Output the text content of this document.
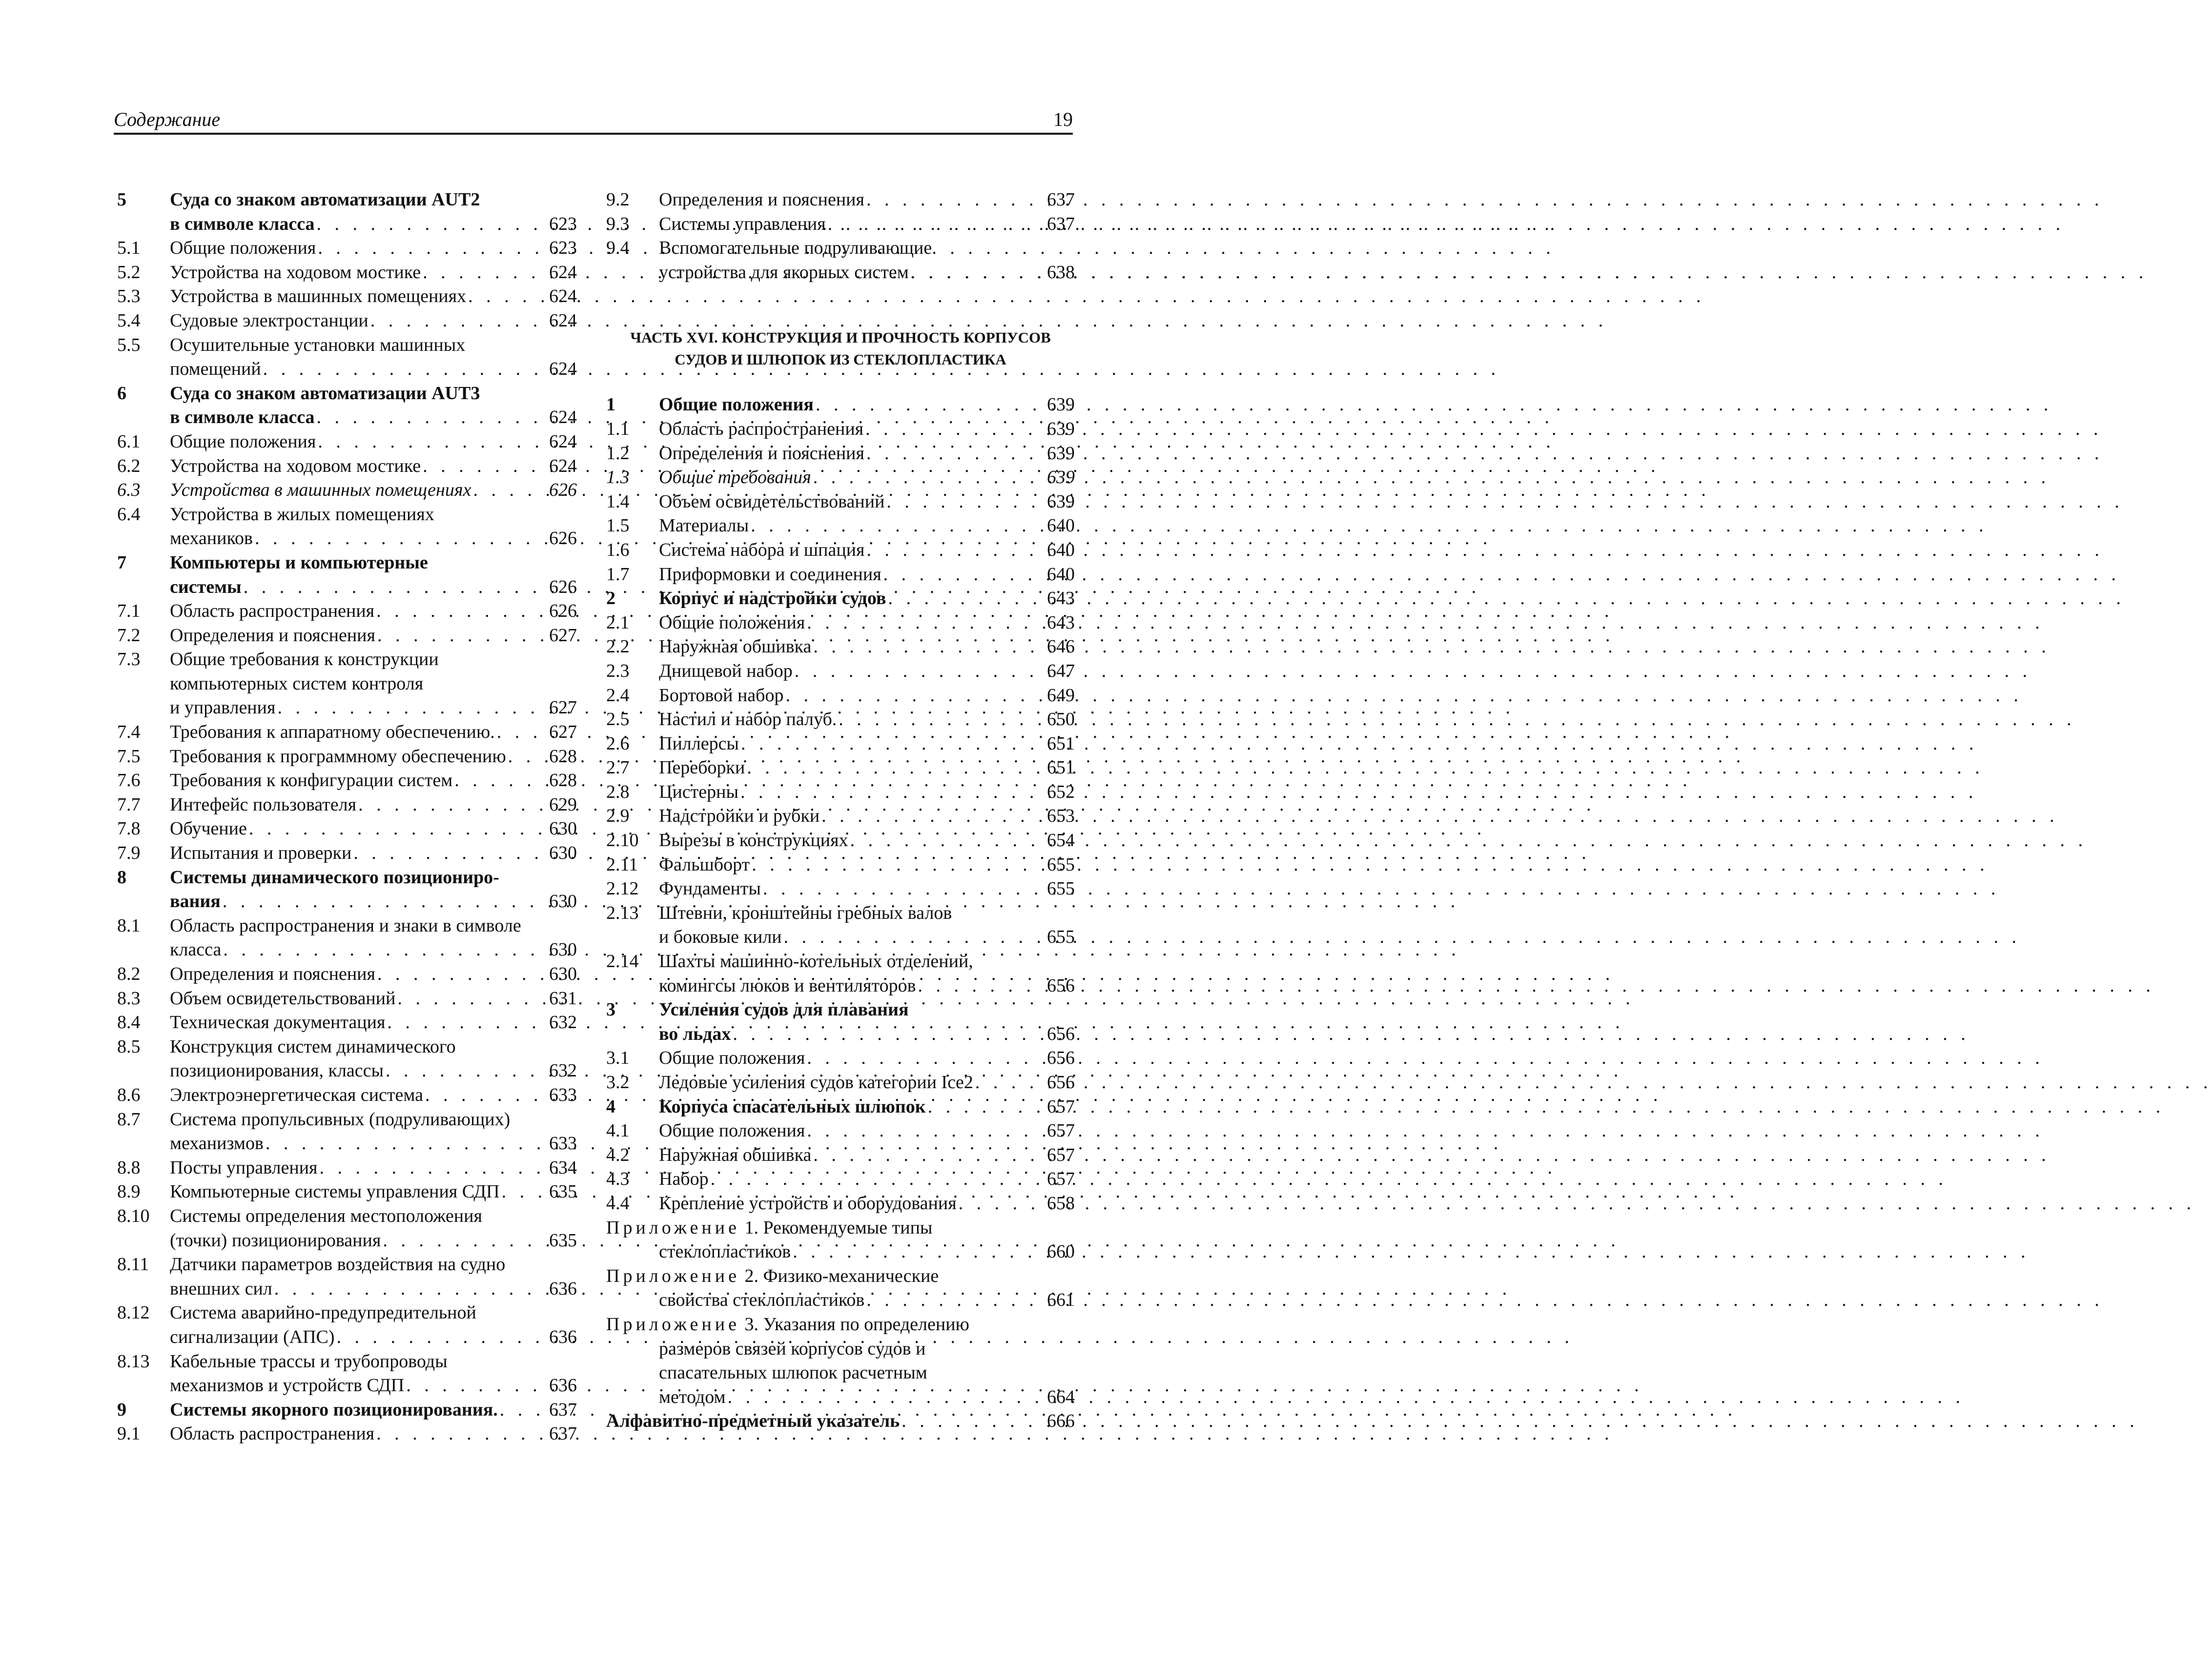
Содержание	19
5 Суда со знаком автоматизации AUT2
в символе класса . . .	623
5.1 Общие положения . . .	623
5.2 Устройства на ходовом мостике . . .	624
5.3 Устройства в машинных помещениях . . .	624
5.4 Судовые электростанции . . .	624
5.5 Осушительные установки машинных
помещений . . .	624
6 Суда со знаком автоматизации AUT3
в символе класса . . .	624
6.1 Общие положения . . .	624
6.2 Устройства на ходовом мостике . . .	624
6.3 Устройства в машинных помещениях . . .	626
6.4 Устройства в жилых помещениях
механиков . . .	626
7 Компьютеры и компьютерные
системы . . .	626
7.1 Область распространения . . .	626
7.2 Определения и пояснения . . .	627
7.3 Общие требования к конструкции
компьютерных систем контроля
и управления . . .	627
7.4 Требования к аппаратному обеспечению. . . .	627
7.5 Требования к программному обеспечению . . . 628
7.6 Требования к конфигурации систем . . .	628
7.7 Интефейс пользователя . . .	629
7.8 Обучение . . .	630
7.9 Испытания и проверки . . .	630
8 Системы динамического позициониро-
вания . . .	630
8.1 Область распространения и знаки в символе
класса . . .	630
8.2 Определения и пояснения . . .	630
8.3 Объем освидетельствований . . .	631
8.4 Техническая документация . . .	632
8.5 Конструкция систем динамического
позиционирования, классы . . .	632
8.6 Электроэнергетическая система . . .	633
8.7 Система пропульсивных (подруливающих)
механизмов . . .	633
8.8 Посты управления . . .	634
8.9 Компьютерные системы управления СДП . . .	635
8.10 Системы определения местоположения
(точки) позиционирования . . .	635
8.11 Датчики параметров воздействия на судно
внешних сил . . .	636
8.12 Система аварийно-предупредительной
сигнализации (АПС) . . .	636
8.13 Кабельные трассы и трубопроводы
механизмов и устройств СДП . . .	636
9 Системы якорного позиционирования. . . .	637
9.1 Область распространения . . .	637
9.2 Определения и пояснения . . .	637
9.3 Системы управления . . .	637
9.4 Вспомогательные подруливающие
устройства для якорных систем . . .	638
ЧАСТЬ XVI. КОНСТРУКЦИЯ И ПРОЧНОСТЬ КОРПУСОВ
СУДОВ И ШЛЮПОК ИЗ СТЕКЛОПЛАСТИКА
1 Общие положения . . .	639
1.1 Область распространения . . .	639
1.2 Определения и пояснения . . .	639
1.3 Общие требования . . .	639
1.4 Объем освидетельствований . . .	639
1.5 Материалы . . .	640
1.6 Система набора и шпация . . .	640
1.7 Приформовки и соединения . . .	640
2 Корпус и надстройки судов . . .	643
2.1 Общие положения . . .	643
2.2 Наружная обшивка . . .	646
2.3 Днищевой набор . . .	647
2.4 Бортовой набор . . .	649
2.5 Настил и набор палуб. . . .	650
2.6 Пиллерсы . . .	651
2.7 Переборки . . .	651
2.8 Цистерны . . .	652
2.9 Надстройки и рубки . . .	653
2.10 Вырезы в конструкциях . . .	654
2.11 Фальшборт . . .	655
2.12 Фундаменты . . .	655
2.13 Штевни, кронштейны гребных валов
и боковые кили . . .	655
2.14 Шахты машинно-котельных отделений,
комингсы люков и вентиляторов . . .	656
3 Усиления судов для плавания
во льдах . . .	656
3.1 Общие положения . . .	656
3.2 Ледовые усиления судов категории Ice2 . . .	656
4 Корпуса спасательных шлюпок . . .	657
4.1 Общие положения . . .	657
4.2 Наружная обшивка . . .	657
4.3 Набор . . .	657
4.4 Крепление устройств и оборудования . . .	658
Приложение
1. Рекомендуемые типы
стеклопластиков . . .	660
Приложение
2. Физико-механические
свойства стеклопластиков . . .	661
Приложение
3. Указания по определению
размеров связей корпусов судов и
спасательных шлюпок расчетным
методом . . .	664
Алфавитно-предметный указатель . . .	666
